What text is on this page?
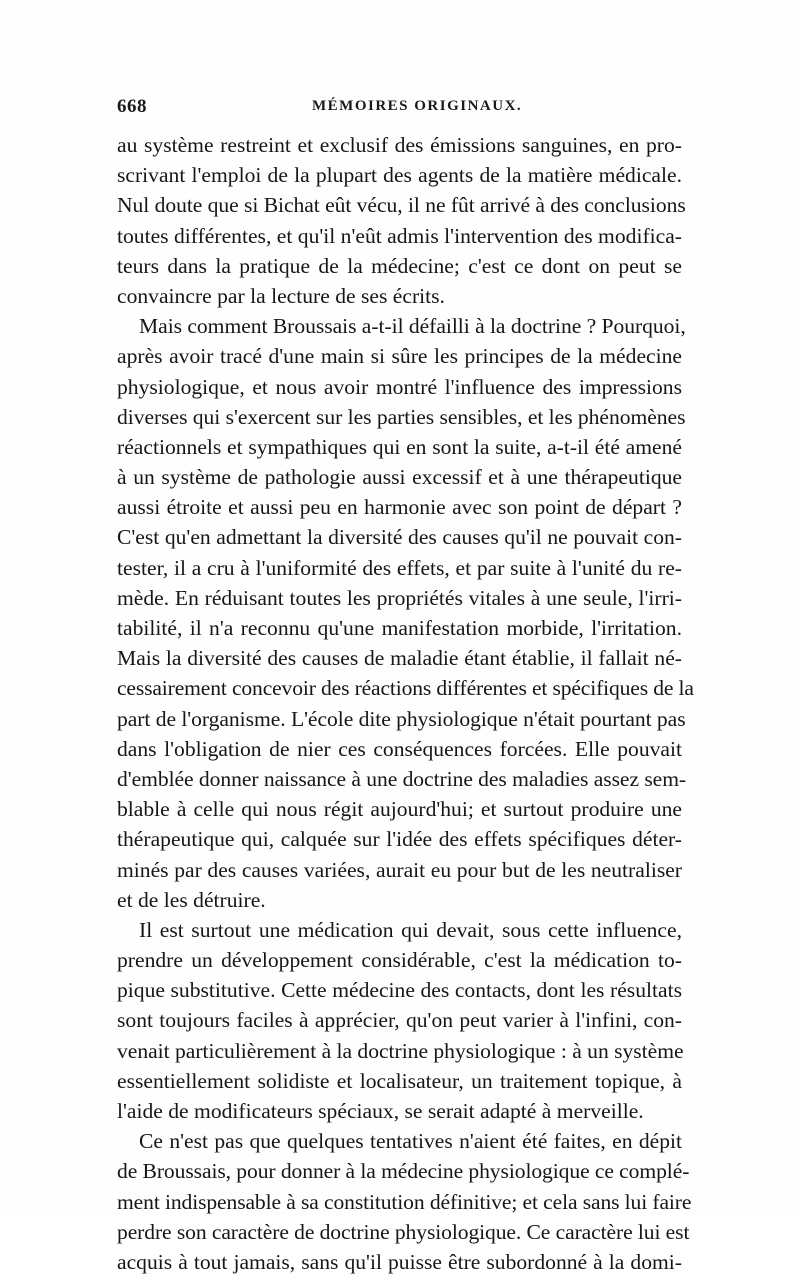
668	MÉMOIRES ORIGINAUX.
au système restreint et exclusif des émissions sanguines, en pro-
scrivant l'emploi de la plupart des agents de la matière médicale.
Nul doute que si Bichat eût vécu, il ne fût arrivé à des conclusions
toutes différentes, et qu'il n'eût admis l'intervention des modifica-
teurs dans la pratique de la médecine; c'est ce dont on peut se
convaincre par la lecture de ses écrits.
Mais comment Broussais a-t-il défailli à la doctrine ? Pourquoi,
après avoir tracé d'une main si sûre les principes de la médecine
physiologique, et nous avoir montré l'influence des impressions
diverses qui s'exercent sur les parties sensibles, et les phénomènes
réactionnels et sympathiques qui en sont la suite, a-t-il été amené
à un système de pathologie aussi excessif et à une thérapeutique
aussi étroite et aussi peu en harmonie avec son point de départ ?
C'est qu'en admettant la diversité des causes qu'il ne pouvait con-
tester, il a cru à l'uniformité des effets, et par suite à l'unité du re-
mède. En réduisant toutes les propriétés vitales à une seule, l'irri-
tabilité, il n'a reconnu qu'une manifestation morbide, l'irritation.
Mais la diversité des causes de maladie étant établie, il fallait né-
cessairement concevoir des réactions différentes et spécifiques de la
part de l'organisme. L'école dite physiologique n'était pourtant pas
dans l'obligation de nier ces conséquences forcées. Elle pouvait
d'emblée donner naissance à une doctrine des maladies assez sem-
blable à celle qui nous régit aujourd'hui; et surtout produire une
thérapeutique qui, calquée sur l'idée des effets spécifiques déter-
minés par des causes variées, aurait eu pour but de les neutraliser
et de les détruire.
Il est surtout une médication qui devait, sous cette influence,
prendre un développement considérable, c'est la médication to-
pique substitutive. Cette médecine des contacts, dont les résultats
sont toujours faciles à apprécier, qu'on peut varier à l'infini, con-
venait particulièrement à la doctrine physiologique : à un système
essentiellement solidiste et localisateur, un traitement topique, à
l'aide de modificateurs spéciaux, se serait adapté à merveille.
Ce n'est pas que quelques tentatives n'aient été faites, en dépit
de Broussais, pour donner à la médecine physiologique ce complé-
ment indispensable à sa constitution définitive; et cela sans lui faire
perdre son caractère de doctrine physiologique. Ce caractère lui est
acquis à tout jamais, sans qu'il puisse être subordonné à la domi-
